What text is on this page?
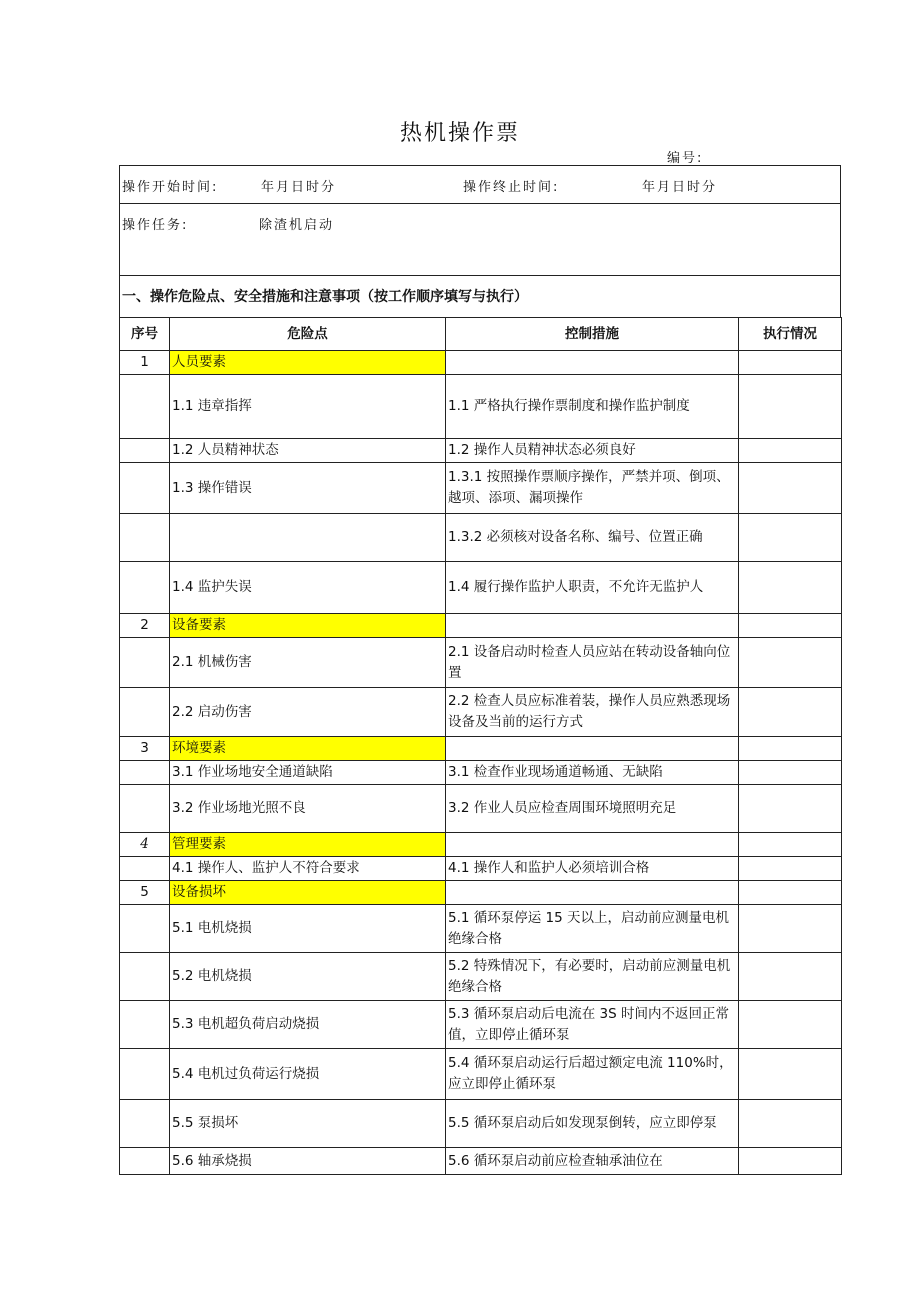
热机操作票
编号:
操作开始时间:	年月日时分	操作终止时间:	年月日时分
操作任务:	除渣机启动
一、操作危险点、安全措施和注意事项（按工作顺序填写与执行）
序号	危险点	控制措施	执行情况
1	人员要素		
	1.1 违章指挥	1.1 严格执行操作票制度和操作监护制度	
	1.2 人员精神状态	1.2 操作人员精神状态必须良好	
	1.3 操作错误	1.3.1 按照操作票顺序操作，严禁并项、倒项、越项、添项、漏项操作	
		1.3.2 必须核对设备名称、编号、位置正确	
	1.4 监护失误	1.4 履行操作监护人职责，不允许无监护人	
2	设备要素		
	2.1 机械伤害	2.1 设备启动时检查人员应站在转动设备轴向位置	
	2.2 启动伤害	2.2 检查人员应标准着装，操作人员应熟悉现场设备及当前的运行方式	
3	环境要素		
	3.1 作业场地安全通道缺陷	3.1 检查作业现场通道畅通、无缺陷	
	3.2 作业场地光照不良	3.2 作业人员应检查周围环境照明充足	
4	管理要素		
	4.1 操作人、监护人不符合要求	4.1 操作人和监护人必须培训合格	
5	设备损坏		
	5.1 电机烧损	5.1 循环泵停运 15 天以上，启动前应测量电机绝缘合格	
	5.2 电机烧损	5.2 特殊情况下，有必要时，启动前应测量电机绝缘合格	
	5.3 电机超负荷启动烧损	5.3 循环泵启动后电流在 3S 时间内不返回正常值，立即停止循环泵	
	5.4 电机过负荷运行烧损	5.4 循环泵启动运行后超过额定电流 110%时，应立即停止循环泵	
	5.5 泵损坏	5.5 循环泵启动后如发现泵倒转，应立即停泵	
	5.6 轴承烧损	5.6 循环泵启动前应检查轴承油位在	
